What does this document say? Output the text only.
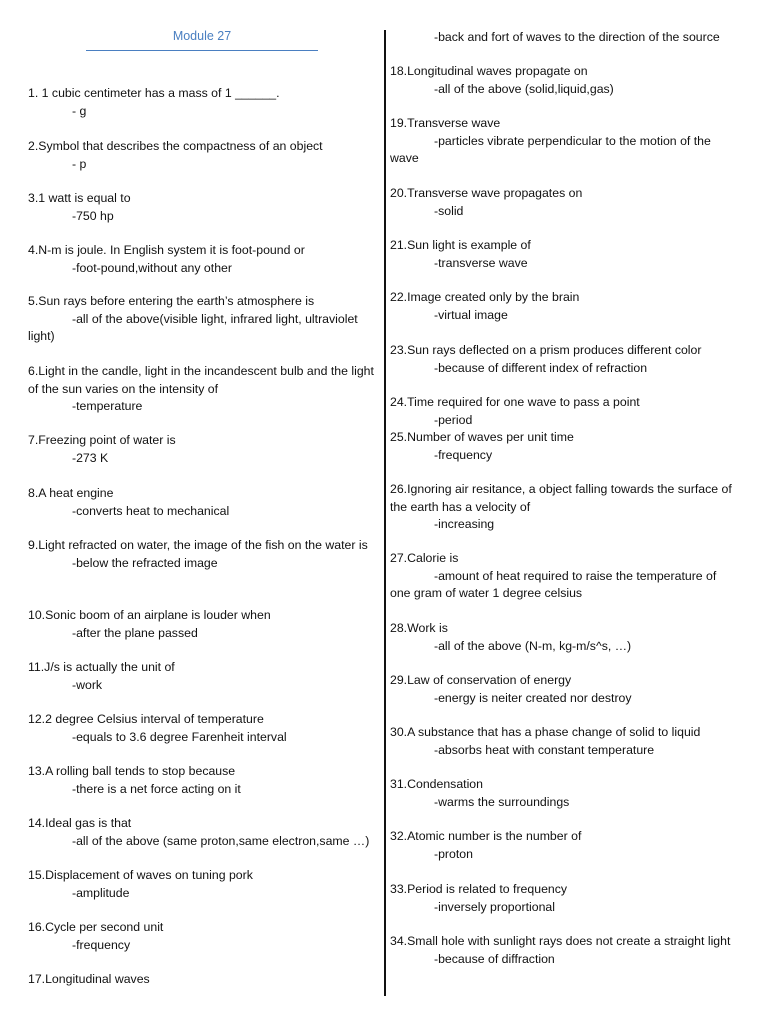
Module 27
1. 1 cubic centimeter has a mass of 1 ______.
- g
2.Symbol that describes the compactness of an object
- p
3.1 watt is equal to
-750 hp
4.N-m is joule. In English system it is foot-pound or
-foot-pound,without any other
5.Sun rays before entering the earth’s atmosphere is
-all of the above(visible light, infrared light, ultraviolet light)
6.Light in the candle, light in the incandescent bulb and the light of the sun varies on the intensity of
-temperature
7.Freezing point of water is
-273 K
8.A heat engine
-converts heat to mechanical
9.Light refracted on water, the image of the fish on the water is
-below the refracted image
10.Sonic boom of an airplane is louder when
-after the plane passed
11.J/s is actually the unit of
-work
12.2 degree Celsius interval of temperature
-equals to 3.6 degree Farenheit interval
13.A rolling ball tends to stop because
-there is a net force acting on it
14.Ideal gas is that
-all of the above (same proton,same electron,same …)
15.Displacement of waves on tuning pork
-amplitude
16.Cycle per second unit
-frequency
17.Longitudinal waves
-back and fort of waves to the direction of the source
18.Longitudinal waves propagate on
-all of the above (solid,liquid,gas)
19.Transverse wave
-particles vibrate perpendicular to the motion of the wave
20.Transverse wave propagates on
-solid
21.Sun light is example of
-transverse wave
22.Image created only by the brain
-virtual image
23.Sun rays deflected on a prism produces different color
-because of different index of refraction
24.Time required for one wave to pass a point
-period
25.Number of waves per unit time
-frequency
26.Ignoring air resitance, a object falling towards the surface of the earth has a velocity of
-increasing
27.Calorie is
-amount of heat required to raise the temperature of one gram of water 1 degree celsius
28.Work is
-all of the above (N-m, kg-m/s^s, …)
29.Law of conservation of energy
-energy is neiter created nor destroy
30.A substance that has a phase change of solid to liquid
-absorbs heat with constant temperature
31.Condensation
-warms the surroundings
32.Atomic number is the number of
-proton
33.Period is related to frequency
-inversely proportional
34.Small hole with sunlight rays does not create a straight light
-because of diffraction
